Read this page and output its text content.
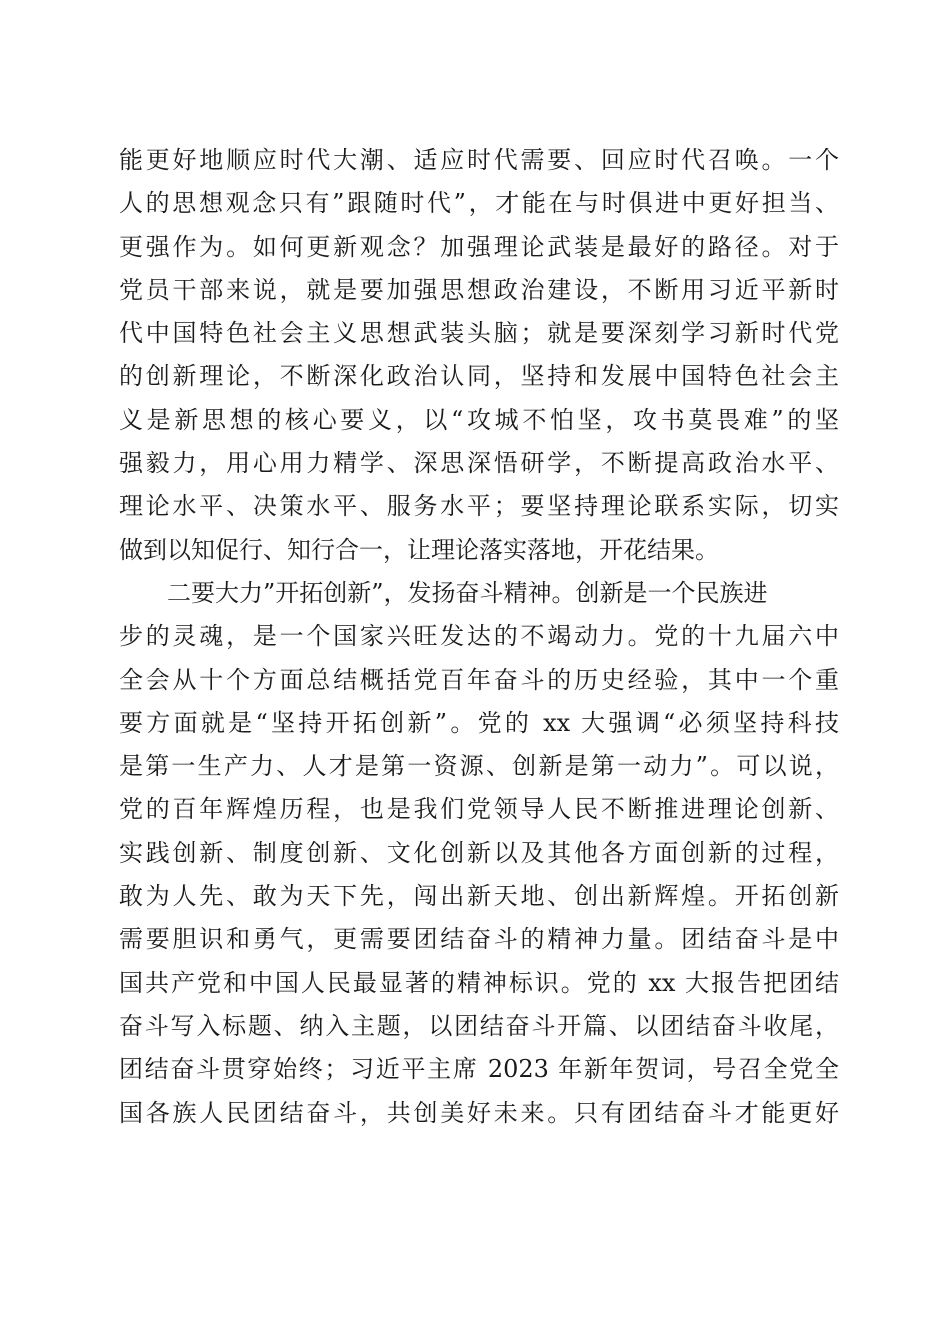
能更好地顺应时代大潮、适应时代需要、回应时代召唤。一个
人的思想观念只有”跟随时代”，才能在与时俱进中更好担当、
更强作为。如何更新观念？加强理论武装是最好的路径。对于
党员干部来说，就是要加强思想政治建设，不断用习近平新时
代中国特色社会主义思想武装头脑；就是要深刻学习新时代党
的创新理论，不断深化政治认同，坚持和发展中国特色社会主
义是新思想的核心要义，以“攻城不怕坚，攻书莫畏难”的坚
强毅力，用心用力精学、深思深悟研学，不断提高政治水平、
理论水平、决策水平、服务水平；要坚持理论联系实际，切实
做到以知促行、知行合一，让理论落实落地，开花结果。
　　二要大力”开拓创新”，发扬奋斗精神。创新是一个民族进
步的灵魂，是一个国家兴旺发达的不竭动力。党的十九届六中
全会从十个方面总结概括党百年奋斗的历史经验，其中一个重
要方面就是“坚持开拓创新”。党的 xx 大强调“必须坚持科技
是第一生产力、人才是第一资源、创新是第一动力”。可以说，
党的百年辉煌历程，也是我们党领导人民不断推进理论创新、
实践创新、制度创新、文化创新以及其他各方面创新的过程，
敢为人先、敢为天下先，闯出新天地、创出新辉煌。开拓创新
需要胆识和勇气，更需要团结奋斗的精神力量。团结奋斗是中
国共产党和中国人民最显著的精神标识。党的 xx 大报告把团结
奋斗写入标题、纳入主题，以团结奋斗开篇、以团结奋斗收尾，
团结奋斗贯穿始终；习近平主席 2023 年新年贺词，号召全党全
国各族人民团结奋斗，共创美好未来。只有团结奋斗才能更好
